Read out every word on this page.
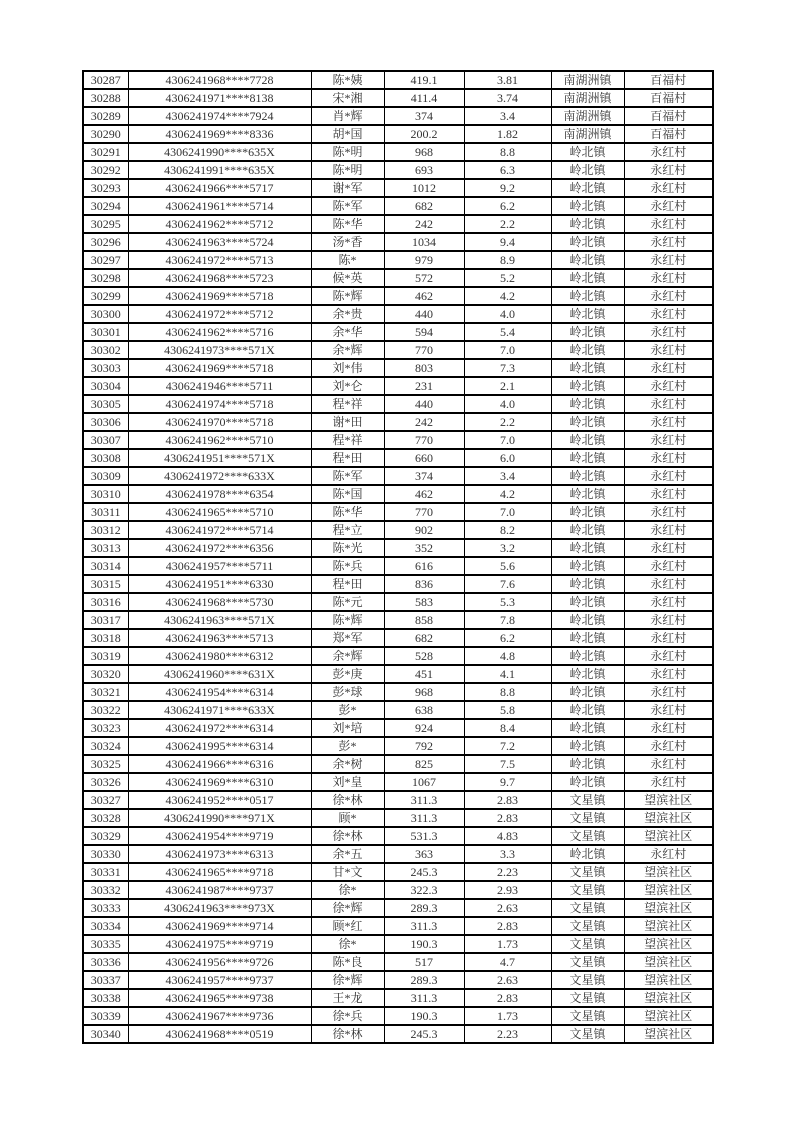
30287	4306241968****7728	陈*姨	419.1	3.81	南湖洲镇	百福村
30288	4306241971****8138	宋*湘	411.4	3.74	南湖洲镇	百福村
30289	4306241974****7924	肖*辉	374	3.4	南湖洲镇	百福村
30290	4306241969****8336	胡*国	200.2	1.82	南湖洲镇	百福村
30291	4306241990****635X	陈*明	968	8.8	岭北镇	永红村
30292	4306241991****635X	陈*明	693	6.3	岭北镇	永红村
30293	4306241966****5717	谢*军	1012	9.2	岭北镇	永红村
30294	4306241961****5714	陈*军	682	6.2	岭北镇	永红村
30295	4306241962****5712	陈*华	242	2.2	岭北镇	永红村
30296	4306241963****5724	汤*香	1034	9.4	岭北镇	永红村
30297	4306241972****5713	陈*	979	8.9	岭北镇	永红村
30298	4306241968****5723	候*英	572	5.2	岭北镇	永红村
30299	4306241969****5718	陈*辉	462	4.2	岭北镇	永红村
30300	4306241972****5712	余*贵	440	4.0	岭北镇	永红村
30301	4306241962****5716	余*华	594	5.4	岭北镇	永红村
30302	4306241973****571X	余*辉	770	7.0	岭北镇	永红村
30303	4306241969****5718	刘*伟	803	7.3	岭北镇	永红村
30304	4306241946****5711	刘*仑	231	2.1	岭北镇	永红村
30305	4306241974****5718	程*祥	440	4.0	岭北镇	永红村
30306	4306241970****5718	谢*田	242	2.2	岭北镇	永红村
30307	4306241962****5710	程*祥	770	7.0	岭北镇	永红村
30308	4306241951****571X	程*田	660	6.0	岭北镇	永红村
30309	4306241972****633X	陈*军	374	3.4	岭北镇	永红村
30310	4306241978****6354	陈*国	462	4.2	岭北镇	永红村
30311	4306241965****5710	陈*华	770	7.0	岭北镇	永红村
30312	4306241972****5714	程*立	902	8.2	岭北镇	永红村
30313	4306241972****6356	陈*光	352	3.2	岭北镇	永红村
30314	4306241957****5711	陈*兵	616	5.6	岭北镇	永红村
30315	4306241951****6330	程*田	836	7.6	岭北镇	永红村
30316	4306241968****5730	陈*元	583	5.3	岭北镇	永红村
30317	4306241963****571X	陈*辉	858	7.8	岭北镇	永红村
30318	4306241963****5713	郑*军	682	6.2	岭北镇	永红村
30319	4306241980****6312	余*辉	528	4.8	岭北镇	永红村
30320	4306241960****631X	彭*庚	451	4.1	岭北镇	永红村
30321	4306241954****6314	彭*球	968	8.8	岭北镇	永红村
30322	4306241971****633X	彭*	638	5.8	岭北镇	永红村
30323	4306241972****6314	刘*培	924	8.4	岭北镇	永红村
30324	4306241995****6314	彭*	792	7.2	岭北镇	永红村
30325	4306241966****6316	余*树	825	7.5	岭北镇	永红村
30326	4306241969****6310	刘*皇	1067	9.7	岭北镇	永红村
30327	4306241952****0517	徐*林	311.3	2.83	文星镇	望滨社区
30328	4306241990****971X	顾*	311.3	2.83	文星镇	望滨社区
30329	4306241954****9719	徐*林	531.3	4.83	文星镇	望滨社区
30330	4306241973****6313	余*五	363	3.3	岭北镇	永红村
30331	4306241965****9718	甘*文	245.3	2.23	文星镇	望滨社区
30332	4306241987****9737	徐*	322.3	2.93	文星镇	望滨社区
30333	4306241963****973X	徐*辉	289.3	2.63	文星镇	望滨社区
30334	4306241969****9714	顾*红	311.3	2.83	文星镇	望滨社区
30335	4306241975****9719	徐*	190.3	1.73	文星镇	望滨社区
30336	4306241956****9726	陈*良	517	4.7	文星镇	望滨社区
30337	4306241957****9737	徐*辉	289.3	2.63	文星镇	望滨社区
30338	4306241965****9738	王*龙	311.3	2.83	文星镇	望滨社区
30339	4306241967****9736	徐*兵	190.3	1.73	文星镇	望滨社区
30340	4306241968****0519	徐*林	245.3	2.23	文星镇	望滨社区
